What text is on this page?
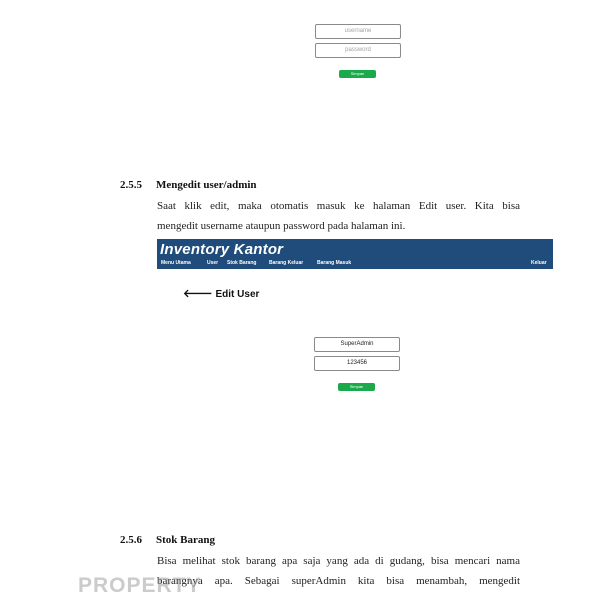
username
password
Simpan
2.5.5 Mengedit user/admin
Saat klik edit, maka otomatis masuk ke halaman Edit user. Kita bisa
mengedit username ataupun password pada halaman ini.
Inventory Kantor
Menu Utama	User Stok Barang	Barang Keluar	Barang Masuk	Keluar
🡐 Edit User
SuperAdmin
123456
Simpan
2.5.6 Stok Barang
Bisa melihat stok barang apa saja yang ada di gudang, bisa mencari nama
barangnya apa. Sebagai superAdmin kita bisa menambah, mengedit
PROPERTY
